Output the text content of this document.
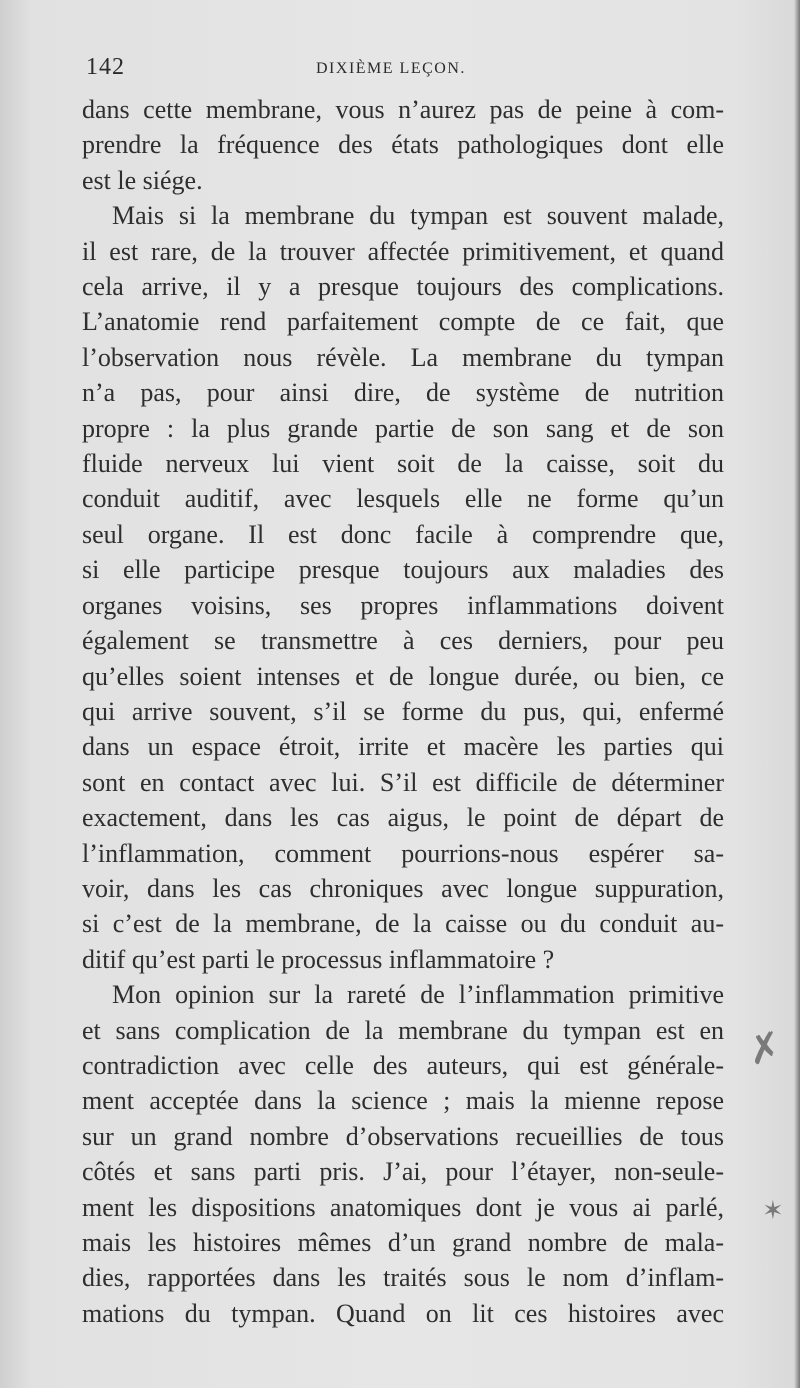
142	DIXIÈME LEÇON.

dans cette membrane, vous n’aurez pas de peine à com-
prendre la fréquence des états pathologiques dont elle
est le siége.

Mais si la membrane du tympan est souvent malade,
il est rare, de la trouver affectée primitivement, et quand
cela arrive, il y a presque toujours des complications.
L’anatomie rend parfaitement compte de ce fait, que
l’observation nous révèle. La membrane du tympan
n’a pas, pour ainsi dire, de système de nutrition
propre : la plus grande partie de son sang et de son
fluide nerveux lui vient soit de la caisse, soit du
conduit auditif, avec lesquels elle ne forme qu’un
seul organe. Il est donc facile à comprendre que,
si elle participe presque toujours aux maladies des
organes voisins, ses propres inflammations doivent
également se transmettre à ces derniers, pour peu
qu’elles soient intenses et de longue durée, ou bien, ce
qui arrive souvent, s’il se forme du pus, qui, enfermé
dans un espace étroit, irrite et macère les parties qui
sont en contact avec lui. S’il est difficile de déterminer
exactement, dans les cas aigus, le point de départ de
l’inflammation, comment pourrions-nous espérer sa-
voir, dans les cas chroniques avec longue suppuration,
si c’est de la membrane, de la caisse ou du conduit au-
ditif qu’est parti le processus inflammatoire ?

Mon opinion sur la rareté de l’inflammation primitive
et sans complication de la membrane du tympan est en
contradiction avec celle des auteurs, qui est générale-
ment acceptée dans la science ; mais la mienne repose
sur un grand nombre d’observations recueillies de tous
côtés et sans parti pris. J’ai, pour l’étayer, non-seule-
ment les dispositions anatomiques dont je vous ai parlé,
mais les histoires mêmes d’un grand nombre de mala-
dies, rapportées dans les traités sous le nom d’inflam-
mations du tympan. Quand on lit ces histoires avec

✗
✶
